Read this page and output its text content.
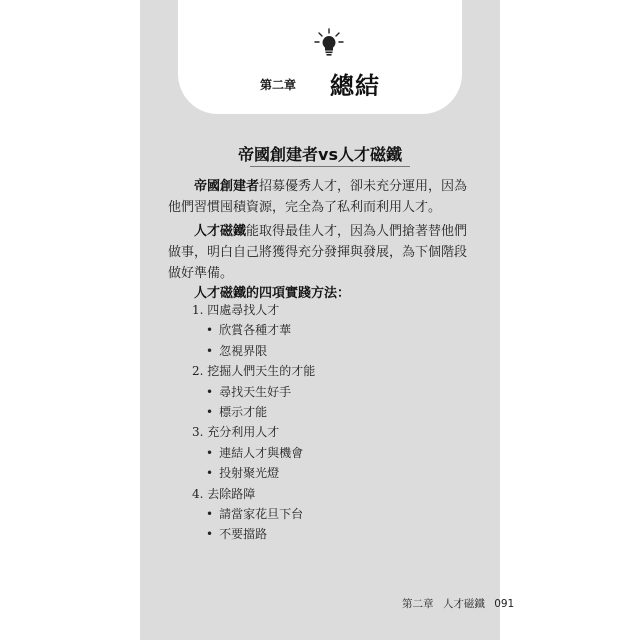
第二章 總結
帝國創建者vs人才磁鐵
帝國創建者招募優秀人才，卻未充分運用，因為他們習慣囤積資源，完全為了私利而利用人才。
人才磁鐵能取得最佳人才，因為人們搶著替他們做事，明白自己將獲得充分發揮與發展，為下個階段做好準備。
人才磁鐵的四項實踐方法：
1. 四處尋找人才
• 欣賞各種才華
• 忽視界限
2. 挖掘人們天生的才能
• 尋找天生好手
• 標示才能
3. 充分利用人才
• 連結人才與機會
• 投射聚光燈
4. 去除路障
• 請當家花旦下台
• 不要擋路
第二章 人才磁鐵 091
